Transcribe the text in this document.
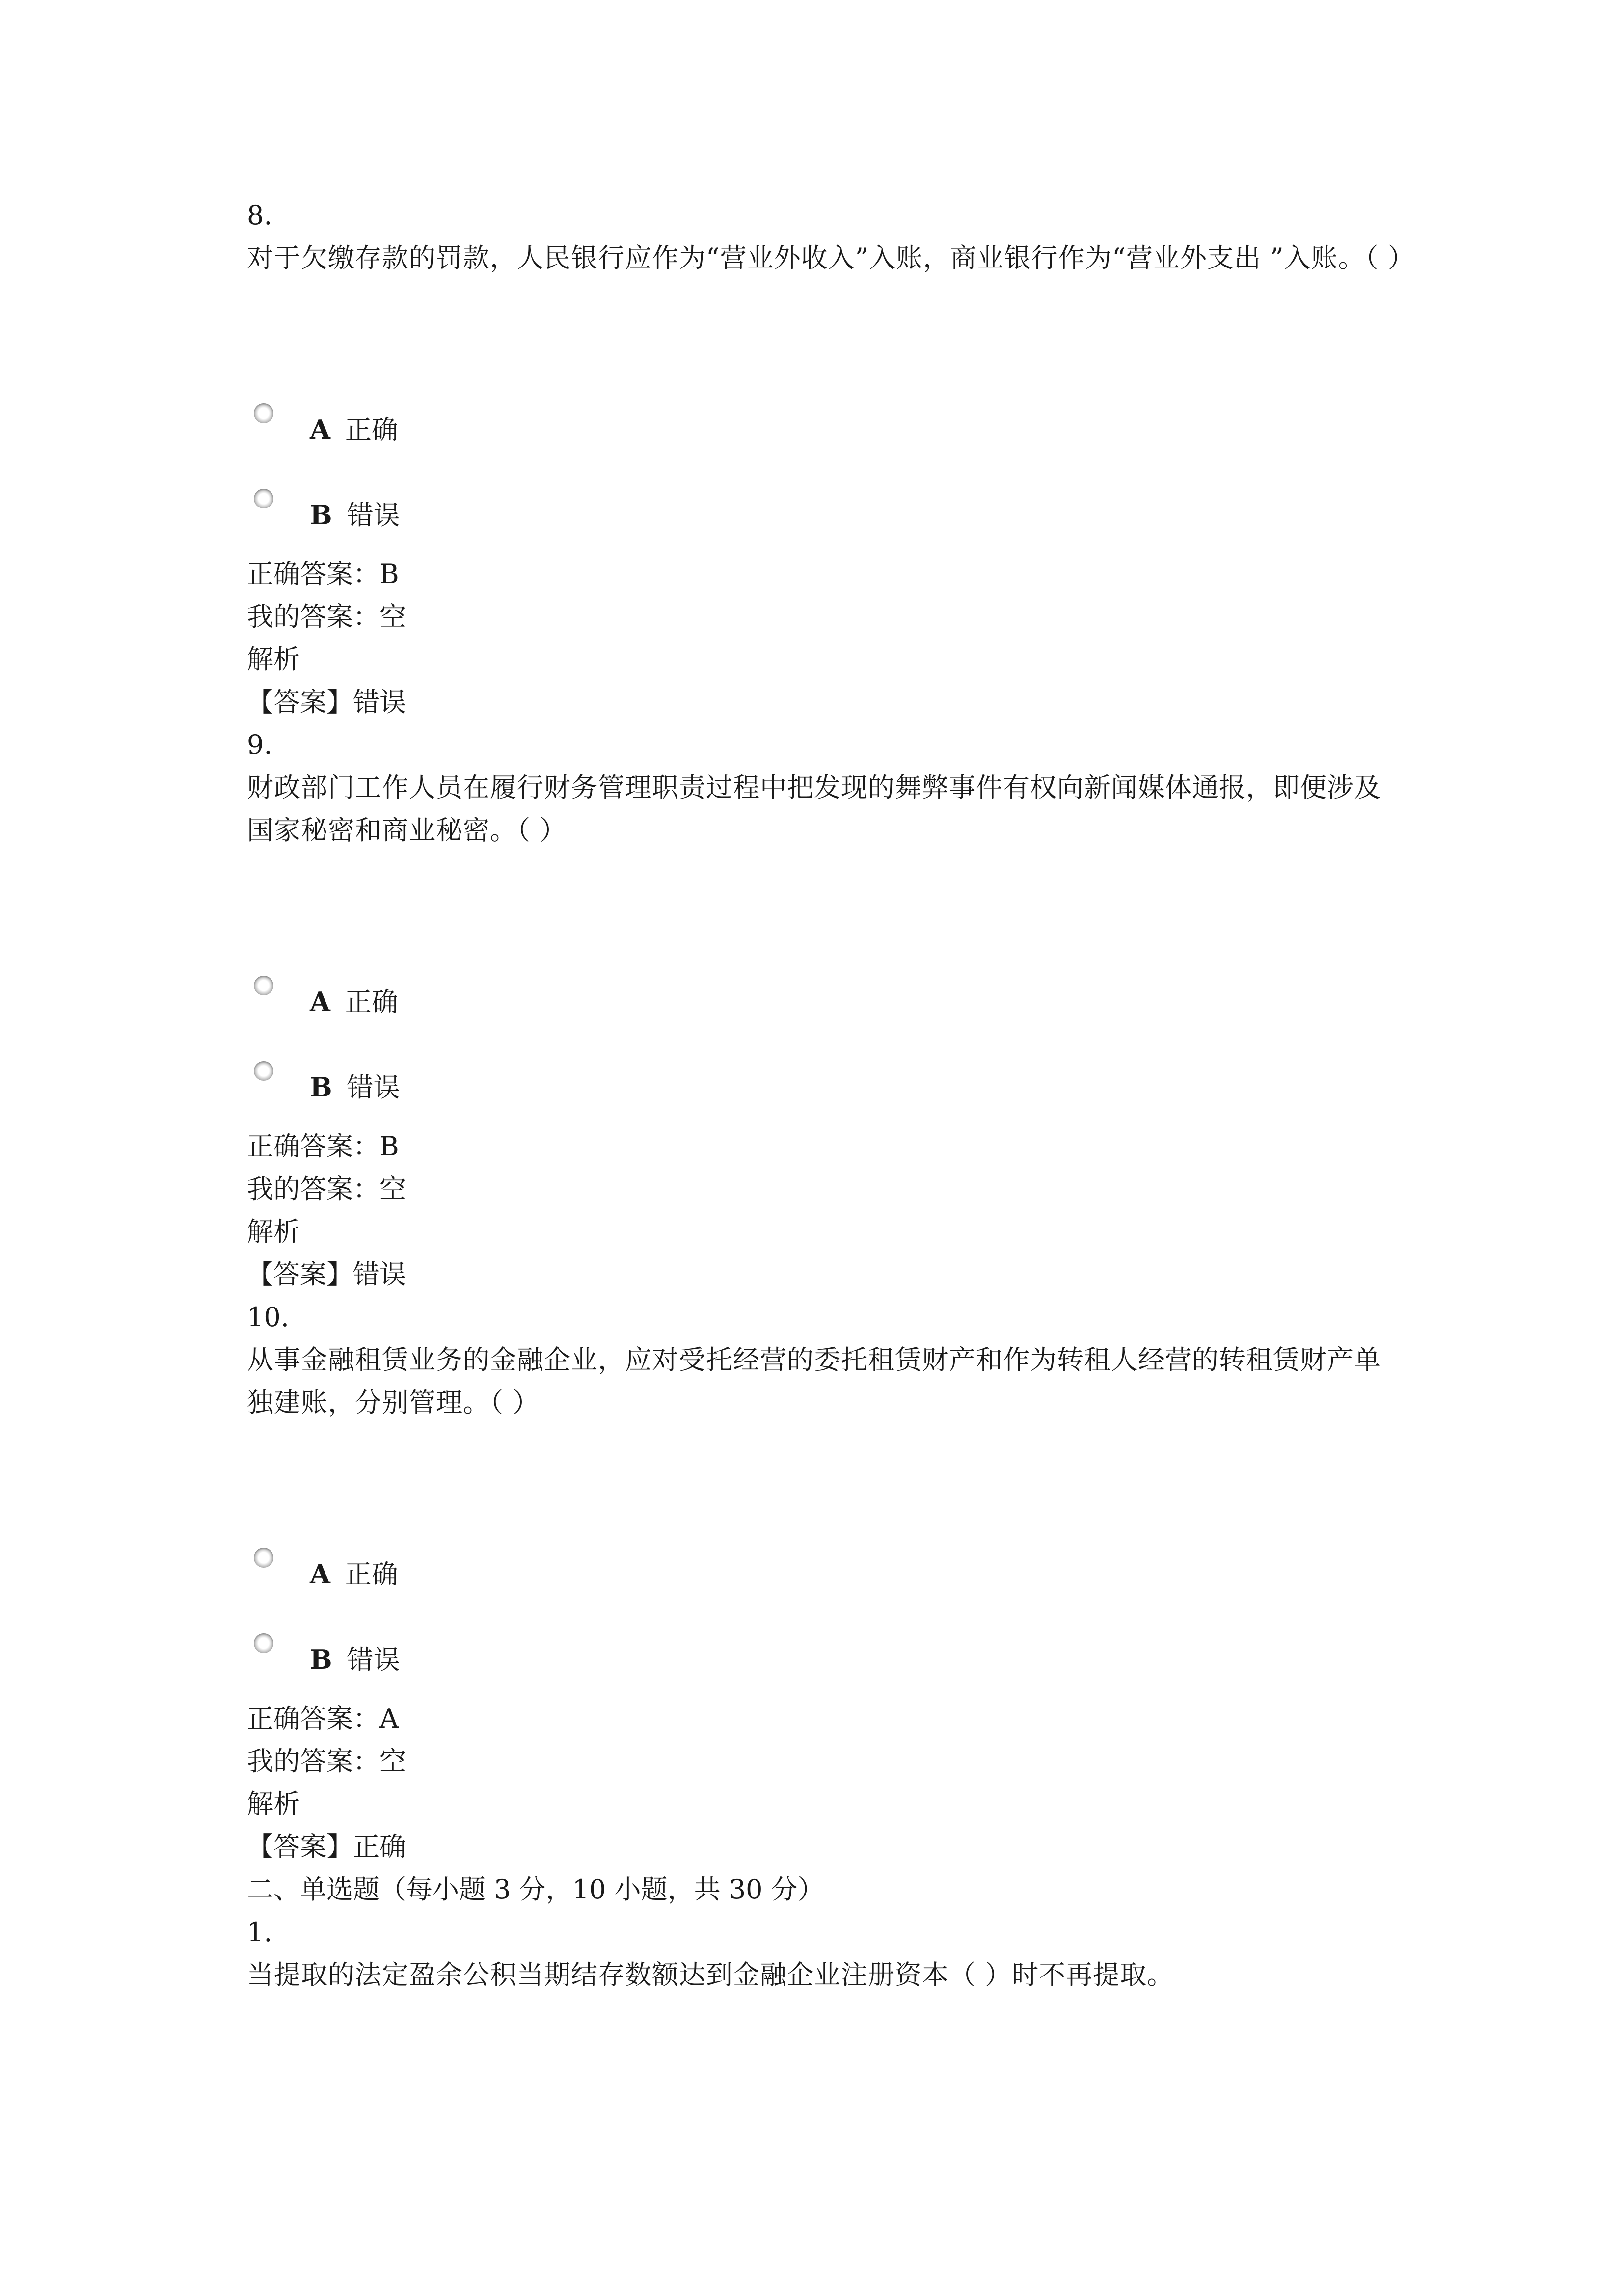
8.
对于欠缴存款的罚款，人民银行应作为“营业外收入”入账，商业银行作为“营业外支出 ”入账。（ ）
A 正确
B 错误
正确答案：B
我的答案：空
解析
【答案】错误
9.
财政部门工作人员在履行财务管理职责过程中把发现的舞弊事件有权向新闻媒体通报，即便涉及国家秘密和商业秘密。（ ）
A 正确
B 错误
正确答案：B
我的答案：空
解析
【答案】错误
10.
从事金融租赁业务的金融企业，应对受托经营的委托租赁财产和作为转租人经营的转租赁财产单独建账，分别管理。（ ）
A 正确
B 错误
正确答案：A
我的答案：空
解析
【答案】正确
二、单选题（每小题 3 分，10 小题，共 30 分）
1.
当提取的法定盈余公积当期结存数额达到金融企业注册资本（ ）时不再提取。
